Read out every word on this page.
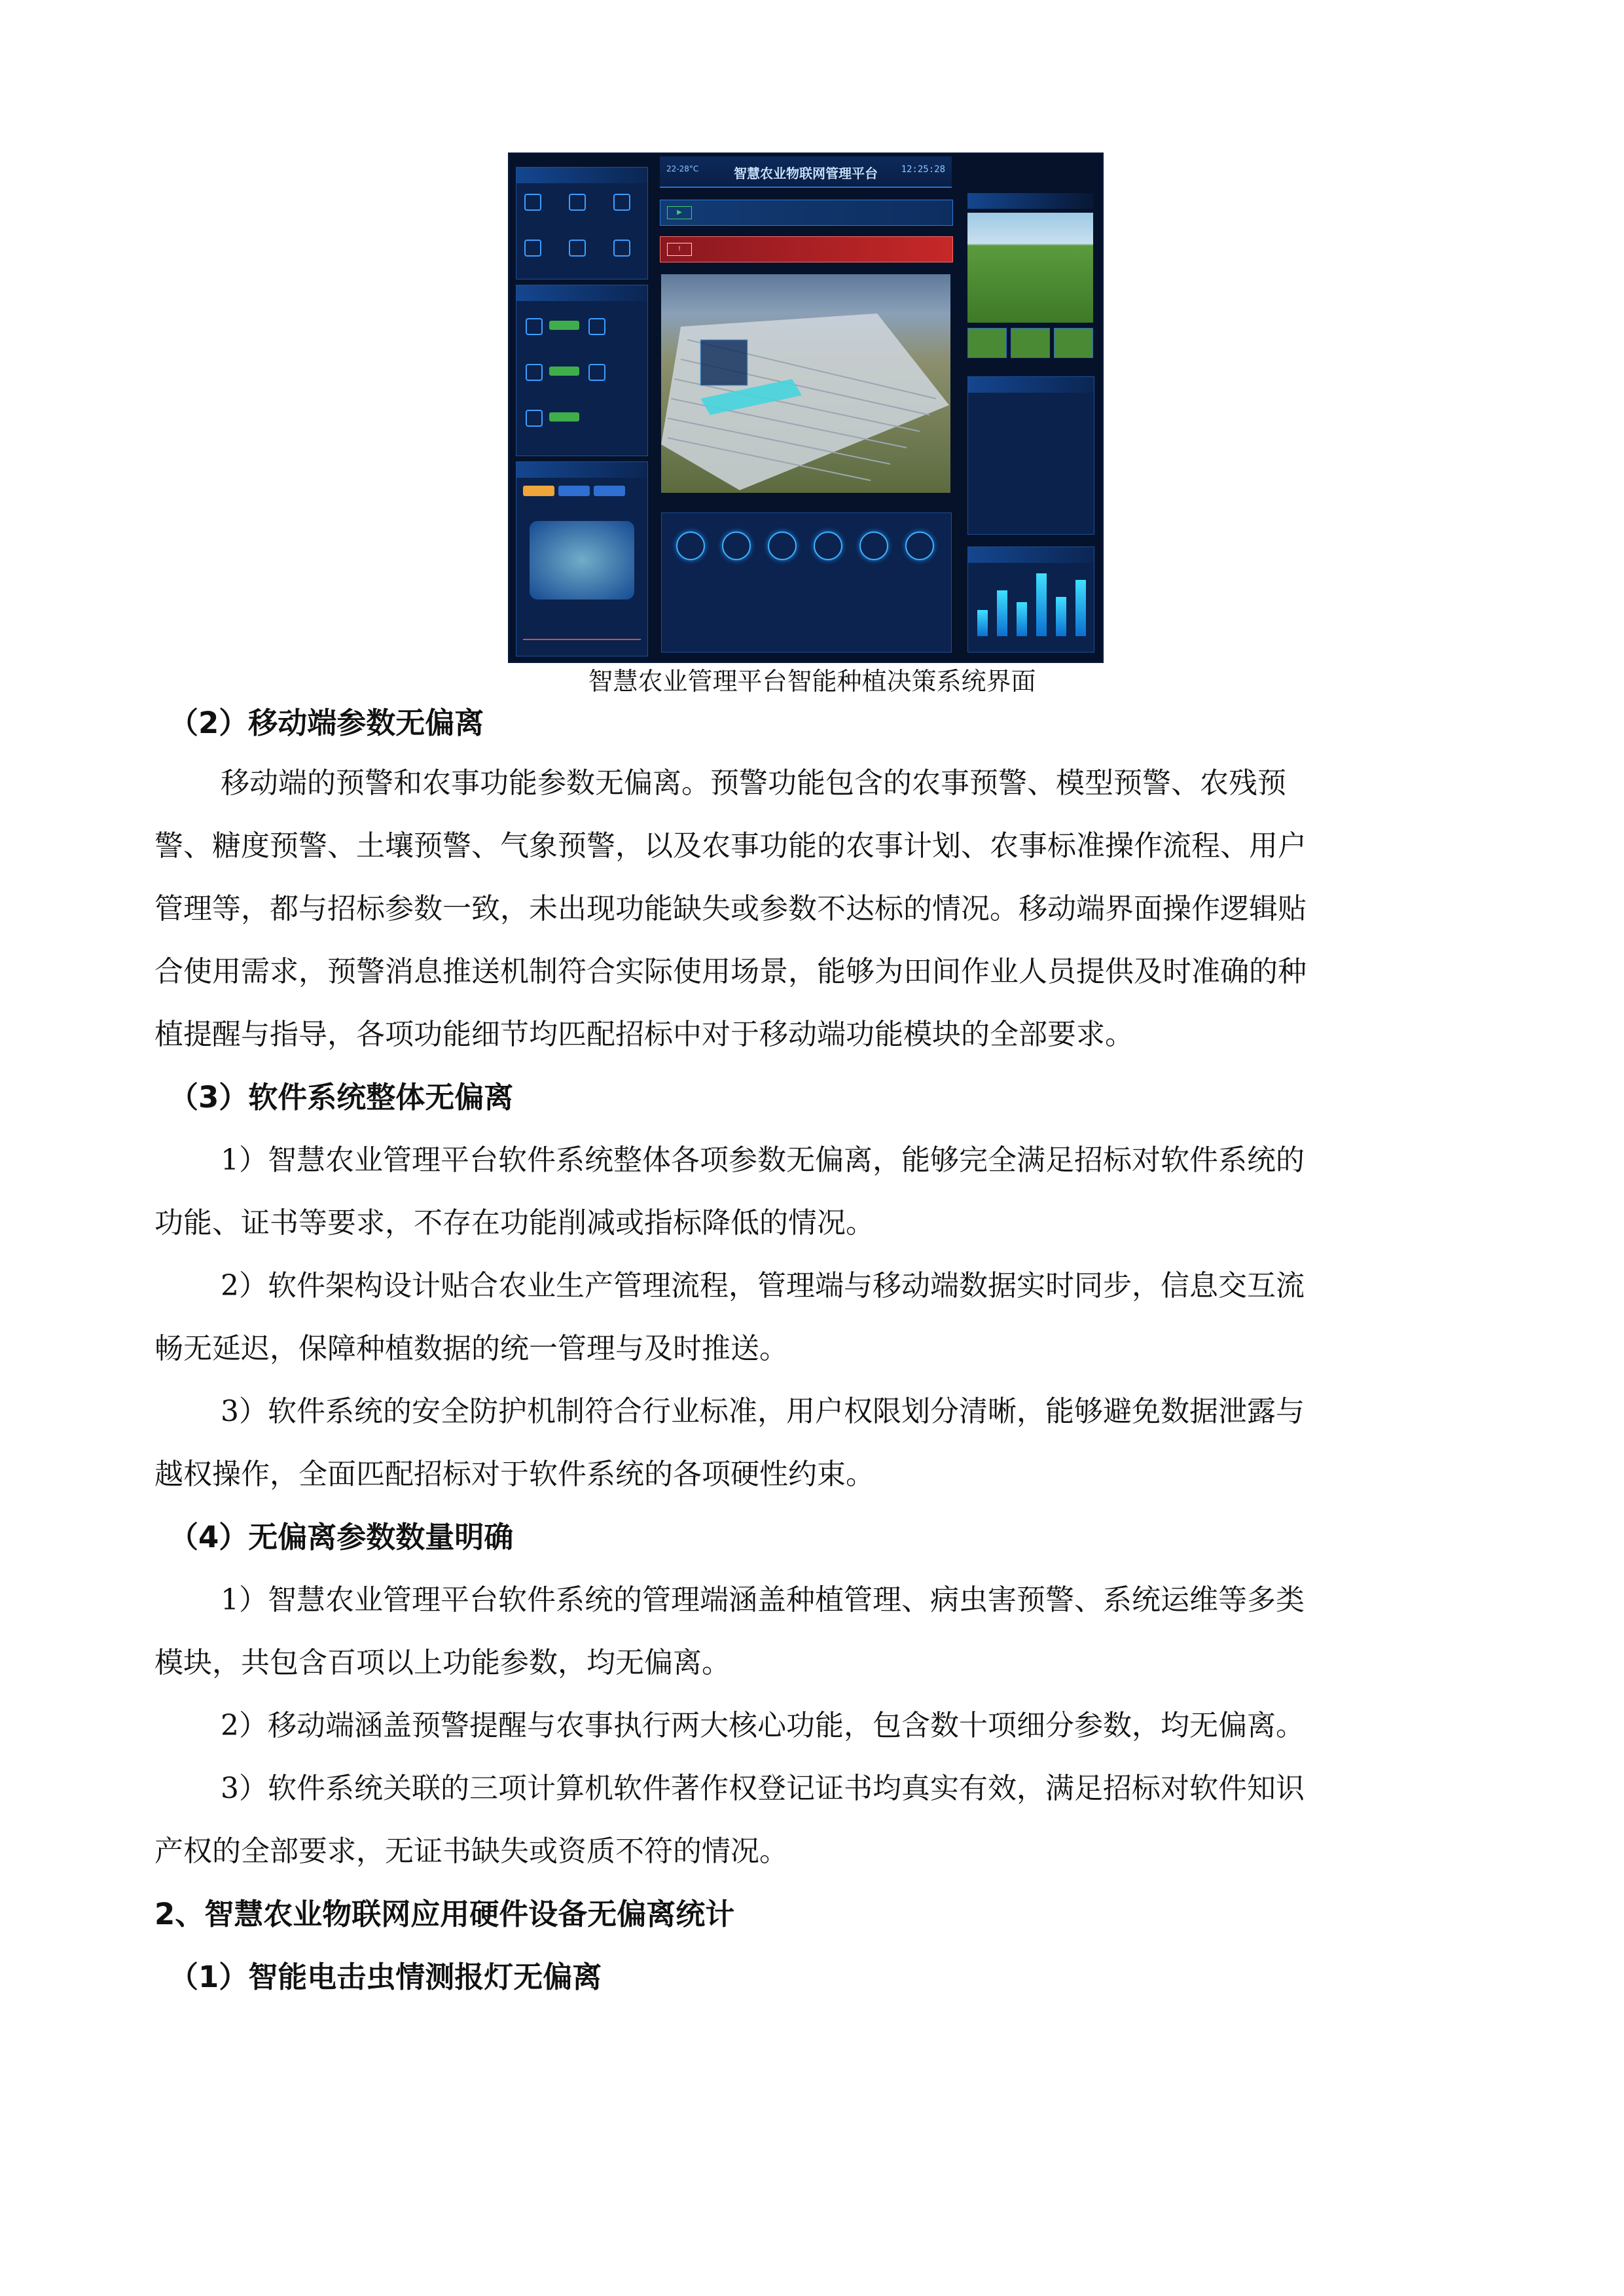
22-28°C	智慧农业物联网管理平台	12:25:28
▶
!
智慧农业管理平台智能种植决策系统界面
（2）移动端参数无偏离
移动端的预警和农事功能参数无偏离。预警功能包含的农事预警、模型预警、农残预
警、糖度预警、土壤预警、气象预警，以及农事功能的农事计划、农事标准操作流程、用户
管理等，都与招标参数一致，未出现功能缺失或参数不达标的情况。移动端界面操作逻辑贴
合使用需求，预警消息推送机制符合实际使用场景，能够为田间作业人员提供及时准确的种
植提醒与指导，各项功能细节均匹配招标中对于移动端功能模块的全部要求。
（3）软件系统整体无偏离
1）智慧农业管理平台软件系统整体各项参数无偏离，能够完全满足招标对软件系统的
功能、证书等要求，不存在功能削减或指标降低的情况。
2）软件架构设计贴合农业生产管理流程，管理端与移动端数据实时同步，信息交互流
畅无延迟，保障种植数据的统一管理与及时推送。
3）软件系统的安全防护机制符合行业标准，用户权限划分清晰，能够避免数据泄露与
越权操作，全面匹配招标对于软件系统的各项硬性约束。
（4）无偏离参数数量明确
1）智慧农业管理平台软件系统的管理端涵盖种植管理、病虫害预警、系统运维等多类
模块，共包含百项以上功能参数，均无偏离。
2）移动端涵盖预警提醒与农事执行两大核心功能，包含数十项细分参数，均无偏离。
3）软件系统关联的三项计算机软件著作权登记证书均真实有效，满足招标对软件知识
产权的全部要求，无证书缺失或资质不符的情况。
2、智慧农业物联网应用硬件设备无偏离统计
（1）智能电击虫情测报灯无偏离
